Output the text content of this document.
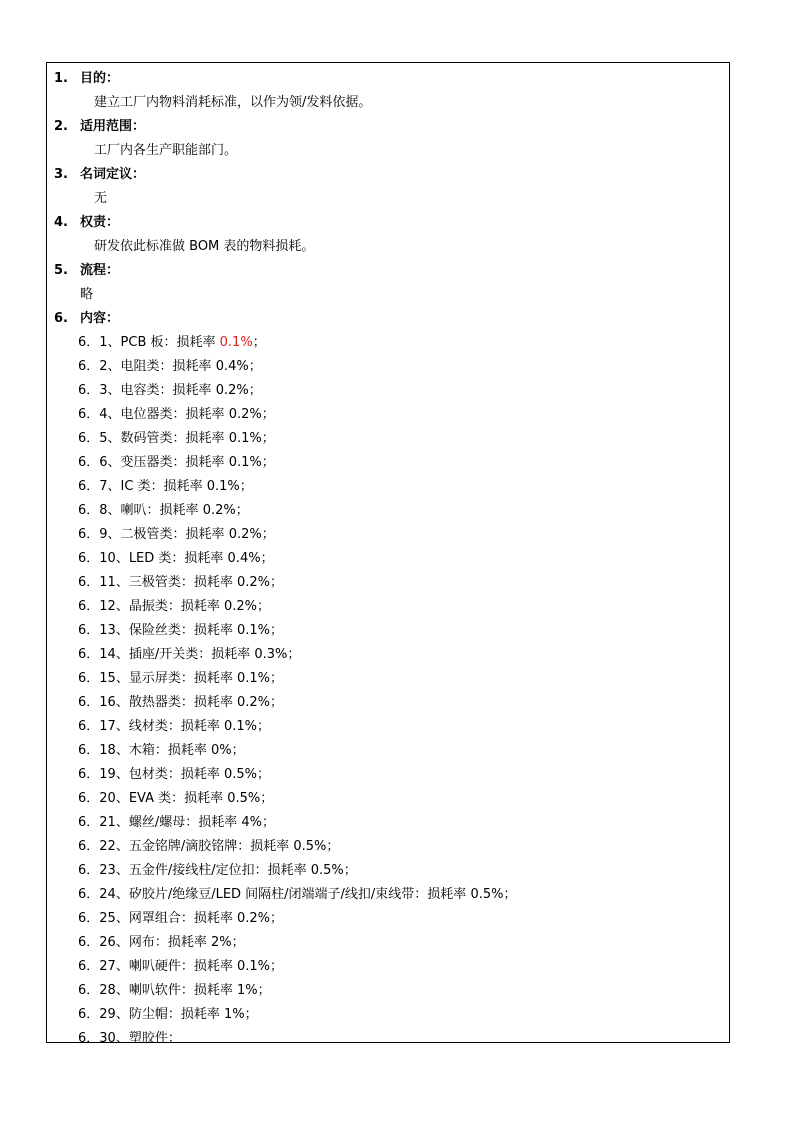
1. 目的：
建立工厂内物料消耗标准，以作为领/发料依据。
2. 适用范围：
工厂内各生产职能部门。
3. 名词定议：
无
4. 权责：
研发依此标准做 BOM 表的物料损耗。
5. 流程：
略
6. 内容：
6．1、PCB 板：损耗率 0.1%；
6．2、电阻类：损耗率 0.4%；
6．3、电容类：损耗率 0.2%；
6．4、电位器类：损耗率 0.2%；
6．5、数码管类：损耗率 0.1%；
6．6、变压器类：损耗率 0.1%；
6．7、IC 类：损耗率 0.1%；
6．8、喇叭：损耗率 0.2%；
6．9、二极管类：损耗率 0.2%；
6．10、LED 类：损耗率 0.4%；
6．11、三极管类：损耗率 0.2%；
6．12、晶振类：损耗率 0.2%；
6．13、保险丝类：损耗率 0.1%；
6．14、插座/开关类：损耗率 0.3%；
6．15、显示屏类：损耗率 0.1%；
6．16、散热器类：损耗率 0.2%；
6．17、线材类：损耗率 0.1%；
6．18、木箱：损耗率 0%；
6．19、包材类：损耗率 0.5%；
6．20、EVA 类：损耗率 0.5%；
6．21、螺丝/螺母：损耗率 4%；
6．22、五金铭牌/滴胶铭牌：损耗率 0.5%；
6．23、五金件/接线柱/定位扣：损耗率 0.5%；
6．24、矽胶片/绝缘豆/LED 间隔柱/闭端端子/线扣/束线带：损耗率 0.5%；
6．25、网罩组合：损耗率 0.2%；
6．26、网布：损耗率 2%；
6．27、喇叭硬件：损耗率 0.1%；
6．28、喇叭软件：损耗率 1%；
6．29、防尘帽：损耗率 1%；
6．30、塑胶件：
